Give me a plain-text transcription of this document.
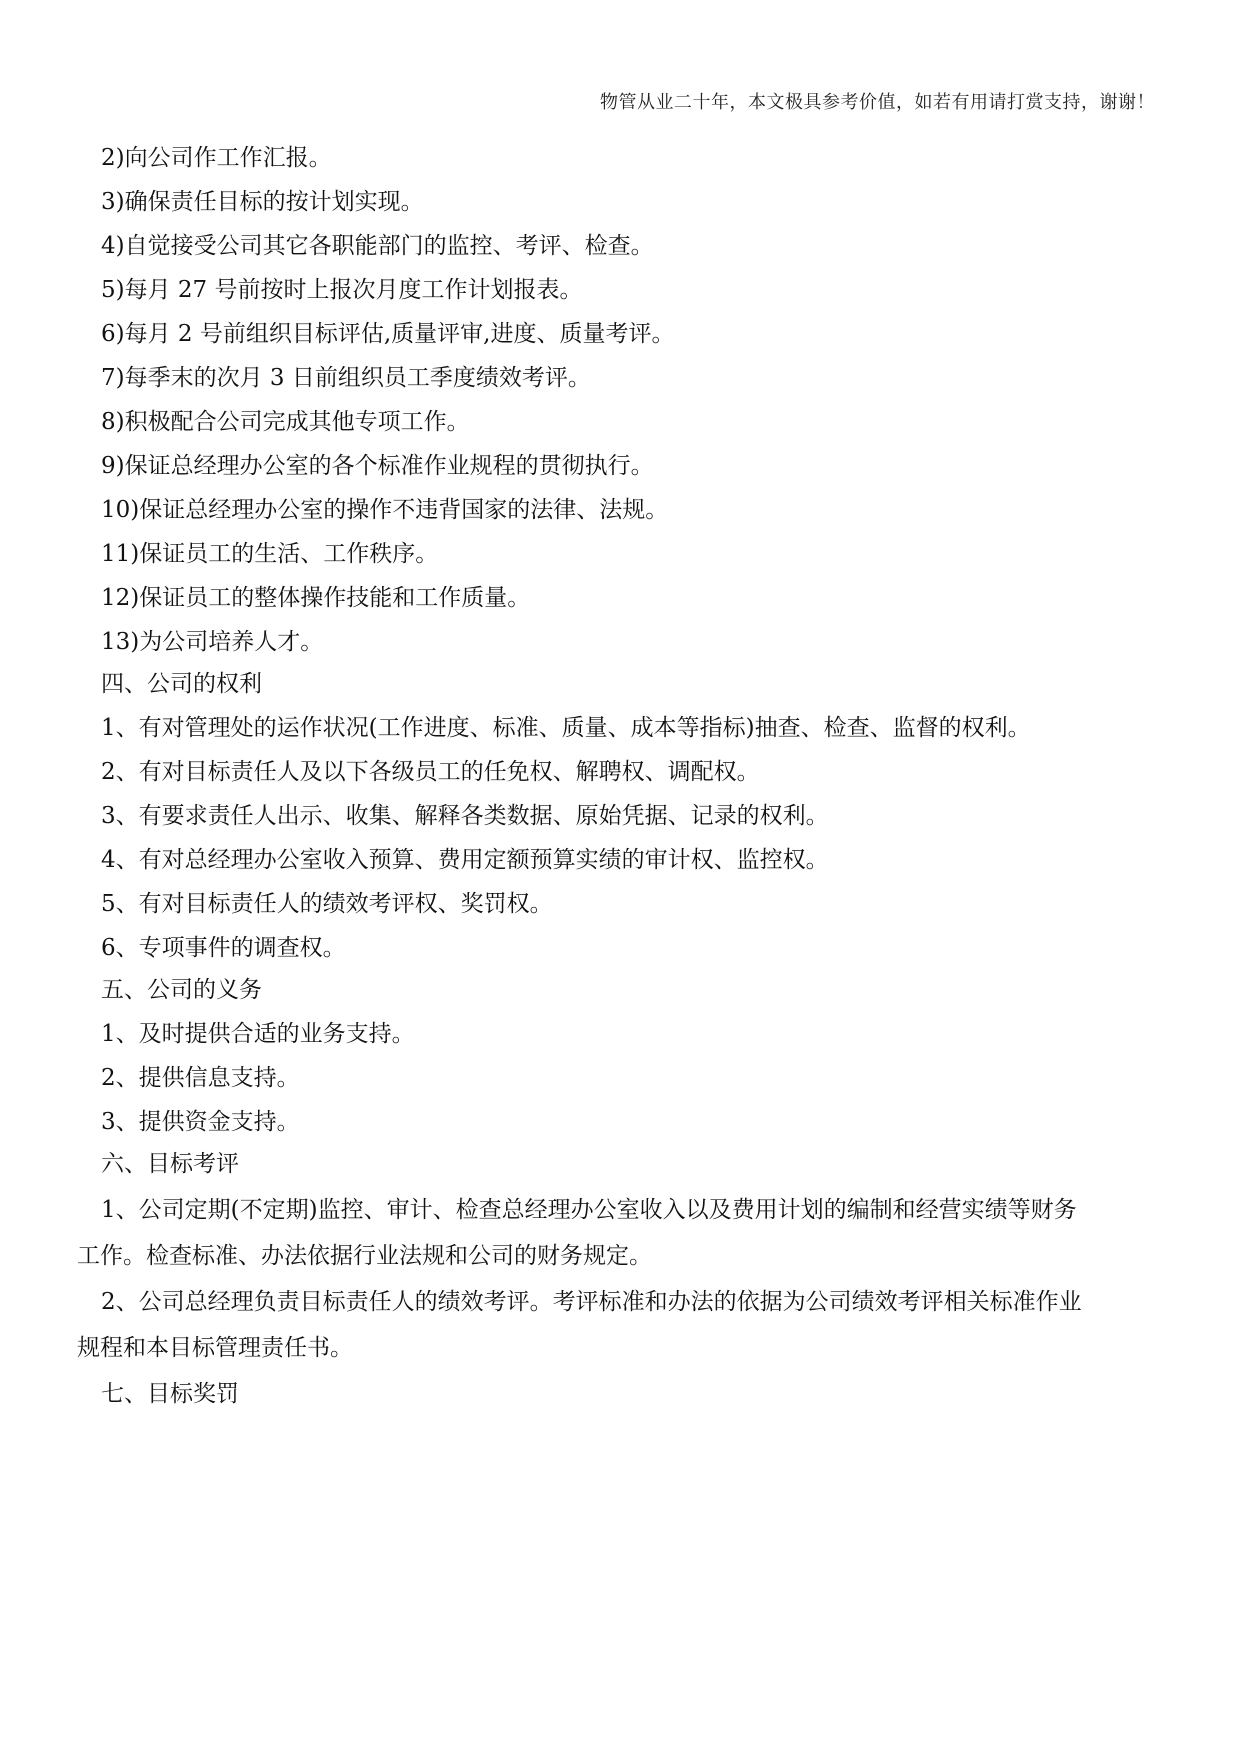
物管从业二十年，本文极具参考价值，如若有用请打赏支持，谢谢！
2)向公司作工作汇报。
3)确保责任目标的按计划实现。
4)自觉接受公司其它各职能部门的监控、考评、检查。
5)每月 27 号前按时上报次月度工作计划报表。
6)每月 2 号前组织目标评估,质量评审,进度、质量考评。
7)每季末的次月 3 日前组织员工季度绩效考评。
8)积极配合公司完成其他专项工作。
9)保证总经理办公室的各个标准作业规程的贯彻执行。
10)保证总经理办公室的操作不违背国家的法律、法规。
11)保证员工的生活、工作秩序。
12)保证员工的整体操作技能和工作质量。
13)为公司培养人才。
四、公司的权利
1、有对管理处的运作状况(工作进度、标准、质量、成本等指标)抽查、检查、监督的权利。
2、有对目标责任人及以下各级员工的任免权、解聘权、调配权。
3、有要求责任人出示、收集、解释各类数据、原始凭据、记录的权利。
4、有对总经理办公室收入预算、费用定额预算实绩的审计权、监控权。
5、有对目标责任人的绩效考评权、奖罚权。
6、专项事件的调查权。
五、公司的义务
1、及时提供合适的业务支持。
2、提供信息支持。
3、提供资金支持。
六、目标考评
1、公司定期(不定期)监控、审计、检查总经理办公室收入以及费用计划的编制和经营实绩等财务
工作。检查标准、办法依据行业法规和公司的财务规定。
2、公司总经理负责目标责任人的绩效考评。考评标准和办法的依据为公司绩效考评相关标准作业
规程和本目标管理责任书。
七、目标奖罚
